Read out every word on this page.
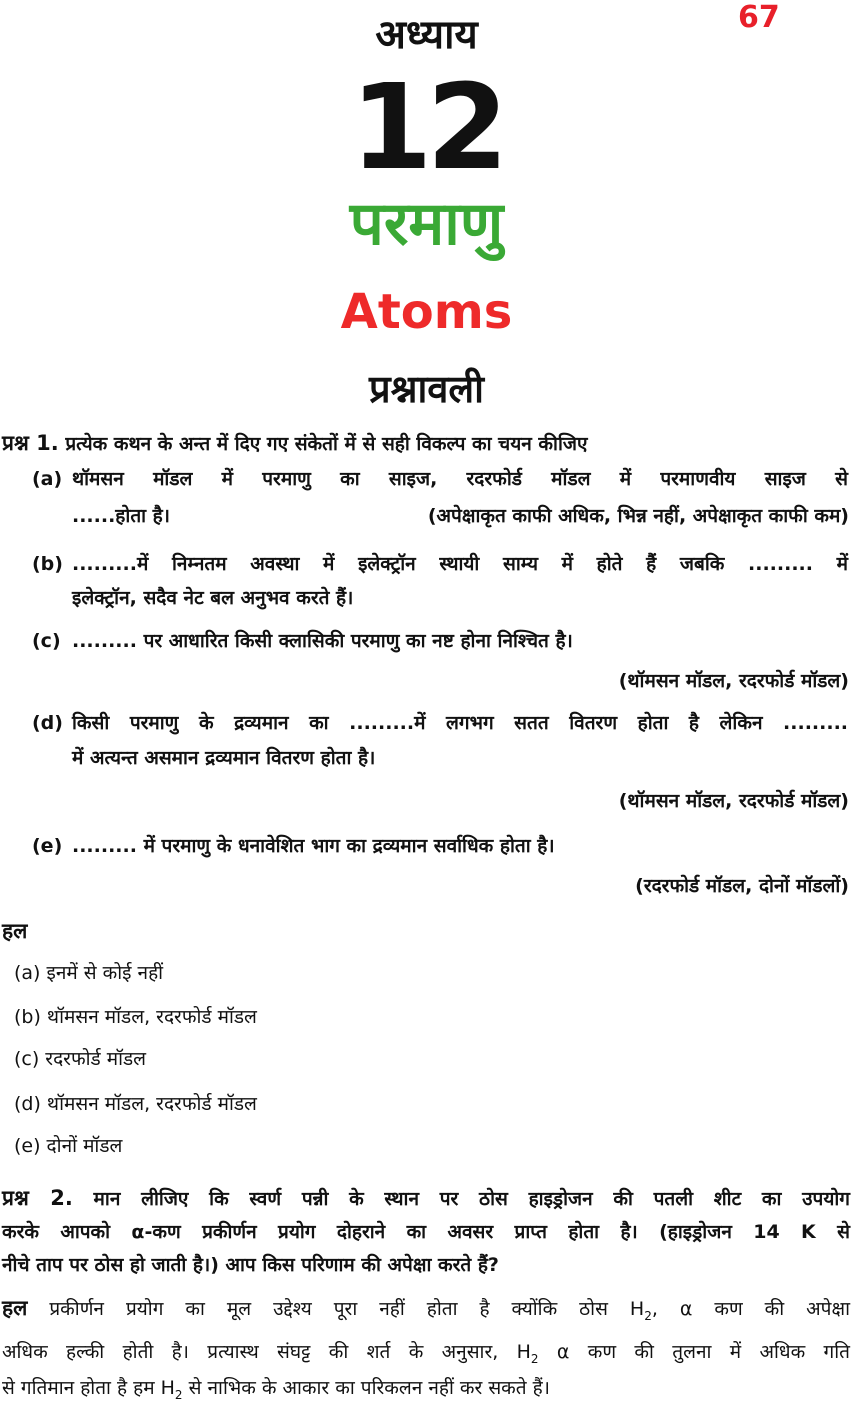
अध्याय	67
12
परमाणु
Atoms
प्रश्नावली
प्रश्न 1. प्रत्येक कथन के अन्त में दिए गए संकेतों में से सही विकल्प का चयन कीजिए
(a) थॉमसन मॉडल में परमाणु का साइज, रदरफोर्ड मॉडल में परमाणवीय साइज से
......होता है।	(अपेक्षाकृत काफी अधिक, भिन्न नहीं, अपेक्षाकृत काफी कम)
(b) .........में निम्नतम अवस्था में इलेक्ट्रॉन स्थायी साम्य में होते हैं जबकि ......... में
इलेक्ट्रॉन, सदैव नेट बल अनुभव करते हैं।
(c) ......... पर आधारित किसी क्लासिकी परमाणु का नष्ट होना निश्चित है।
(थॉमसन मॉडल, रदरफोर्ड मॉडल)
(d) किसी परमाणु के द्रव्यमान का .........में लगभग सतत वितरण होता है लेकिन .........
में अत्यन्त असमान द्रव्यमान वितरण होता है।
(थॉमसन मॉडल, रदरफोर्ड मॉडल)
(e) ......... में परमाणु के धनावेशित भाग का द्रव्यमान सर्वाधिक होता है।
(रदरफोर्ड मॉडल, दोनों मॉडलों)
हल
(a) इनमें से कोई नहीं
(b) थॉमसन मॉडल, रदरफोर्ड मॉडल
(c) रदरफोर्ड मॉडल
(d) थॉमसन मॉडल, रदरफोर्ड मॉडल
(e) दोनों मॉडल
प्रश्न 2. मान लीजिए कि स्वर्ण पन्नी के स्थान पर ठोस हाइड्रोजन की पतली शीट का उपयोग
करके आपको α-कण प्रकीर्णन प्रयोग दोहराने का अवसर प्राप्त होता है। (हाइड्रोजन 14 K से
नीचे ताप पर ठोस हो जाती है।) आप किस परिणाम की अपेक्षा करते हैं?
हल प्रकीर्णन प्रयोग का मूल उद्देश्य पूरा नहीं होता है क्योंकि ठोस $H_2$, α कण की अपेक्षा
अधिक हल्की होती है। प्रत्यास्थ संघट्ट की शर्त के अनुसार, $H_2$ α कण की तुलना में अधिक गति
से गतिमान होता है हम $H_2$ से नाभिक के आकार का परिकलन नहीं कर सकते हैं।
